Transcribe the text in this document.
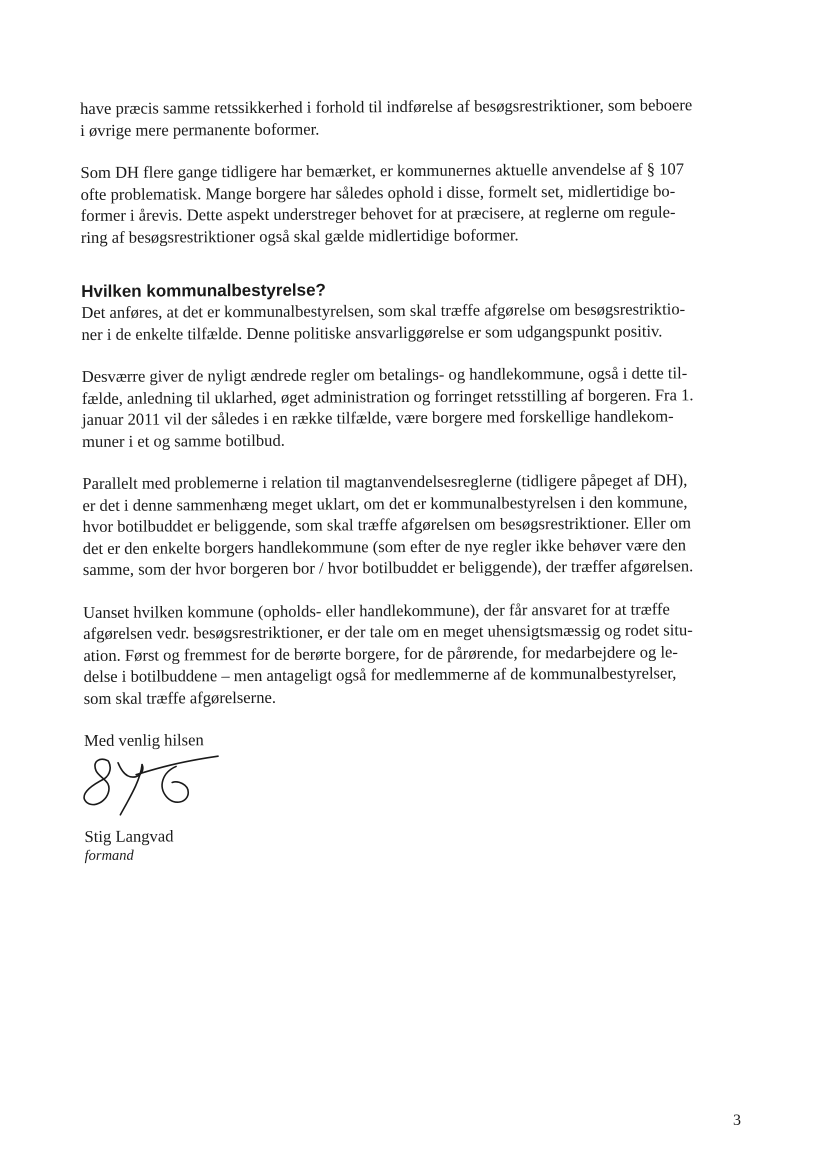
have præcis samme retssikkerhed i forhold til indførelse af besøgsrestriktioner, som beboere
i øvrige mere permanente boformer.

Som DH flere gange tidligere har bemærket, er kommunernes aktuelle anvendelse af § 107
ofte problematisk. Mange borgere har således ophold i disse, formelt set, midlertidige bo-
former i årevis. Dette aspekt understreger behovet for at præcisere, at reglerne om regule-
ring af besøgsrestriktioner også skal gælde midlertidige boformer.

Hvilken kommunalbestyrelse?

Det anføres, at det er kommunalbestyrelsen, som skal træffe afgørelse om besøgsrestriktio-
ner i de enkelte tilfælde. Denne politiske ansvarliggørelse er som udgangspunkt positiv.

Desværre giver de nyligt ændrede regler om betalings- og handlekommune, også i dette til-
fælde, anledning til uklarhed, øget administration og forringet retsstilling af borgeren. Fra 1.
januar 2011 vil der således i en række tilfælde, være borgere med forskellige handlekom-
muner i et og samme botilbud.

Parallelt med problemerne i relation til magtanvendelsesreglerne (tidligere påpeget af DH),
er det i denne sammenhæng meget uklart, om det er kommunalbestyrelsen i den kommune,
hvor botilbuddet er beliggende, som skal træffe afgørelsen om besøgsrestriktioner. Eller om
det er den enkelte borgers handlekommune (som efter de nye regler ikke behøver være den
samme, som der hvor borgeren bor / hvor botilbuddet er beliggende), der træffer afgørelsen.

Uanset hvilken kommune (opholds- eller handlekommune), der får ansvaret for at træffe
afgørelsen vedr. besøgsrestriktioner, er der tale om en meget uhensigtsmæssig og rodet situ-
ation. Først og fremmest for de berørte borgere, for de pårørende, for medarbejdere og le-
delse i botilbuddene – men antageligt også for medlemmerne af de kommunalbestyrelser,
som skal træffe afgørelserne.

Med venlig hilsen

Stig Langvad

formand

3
